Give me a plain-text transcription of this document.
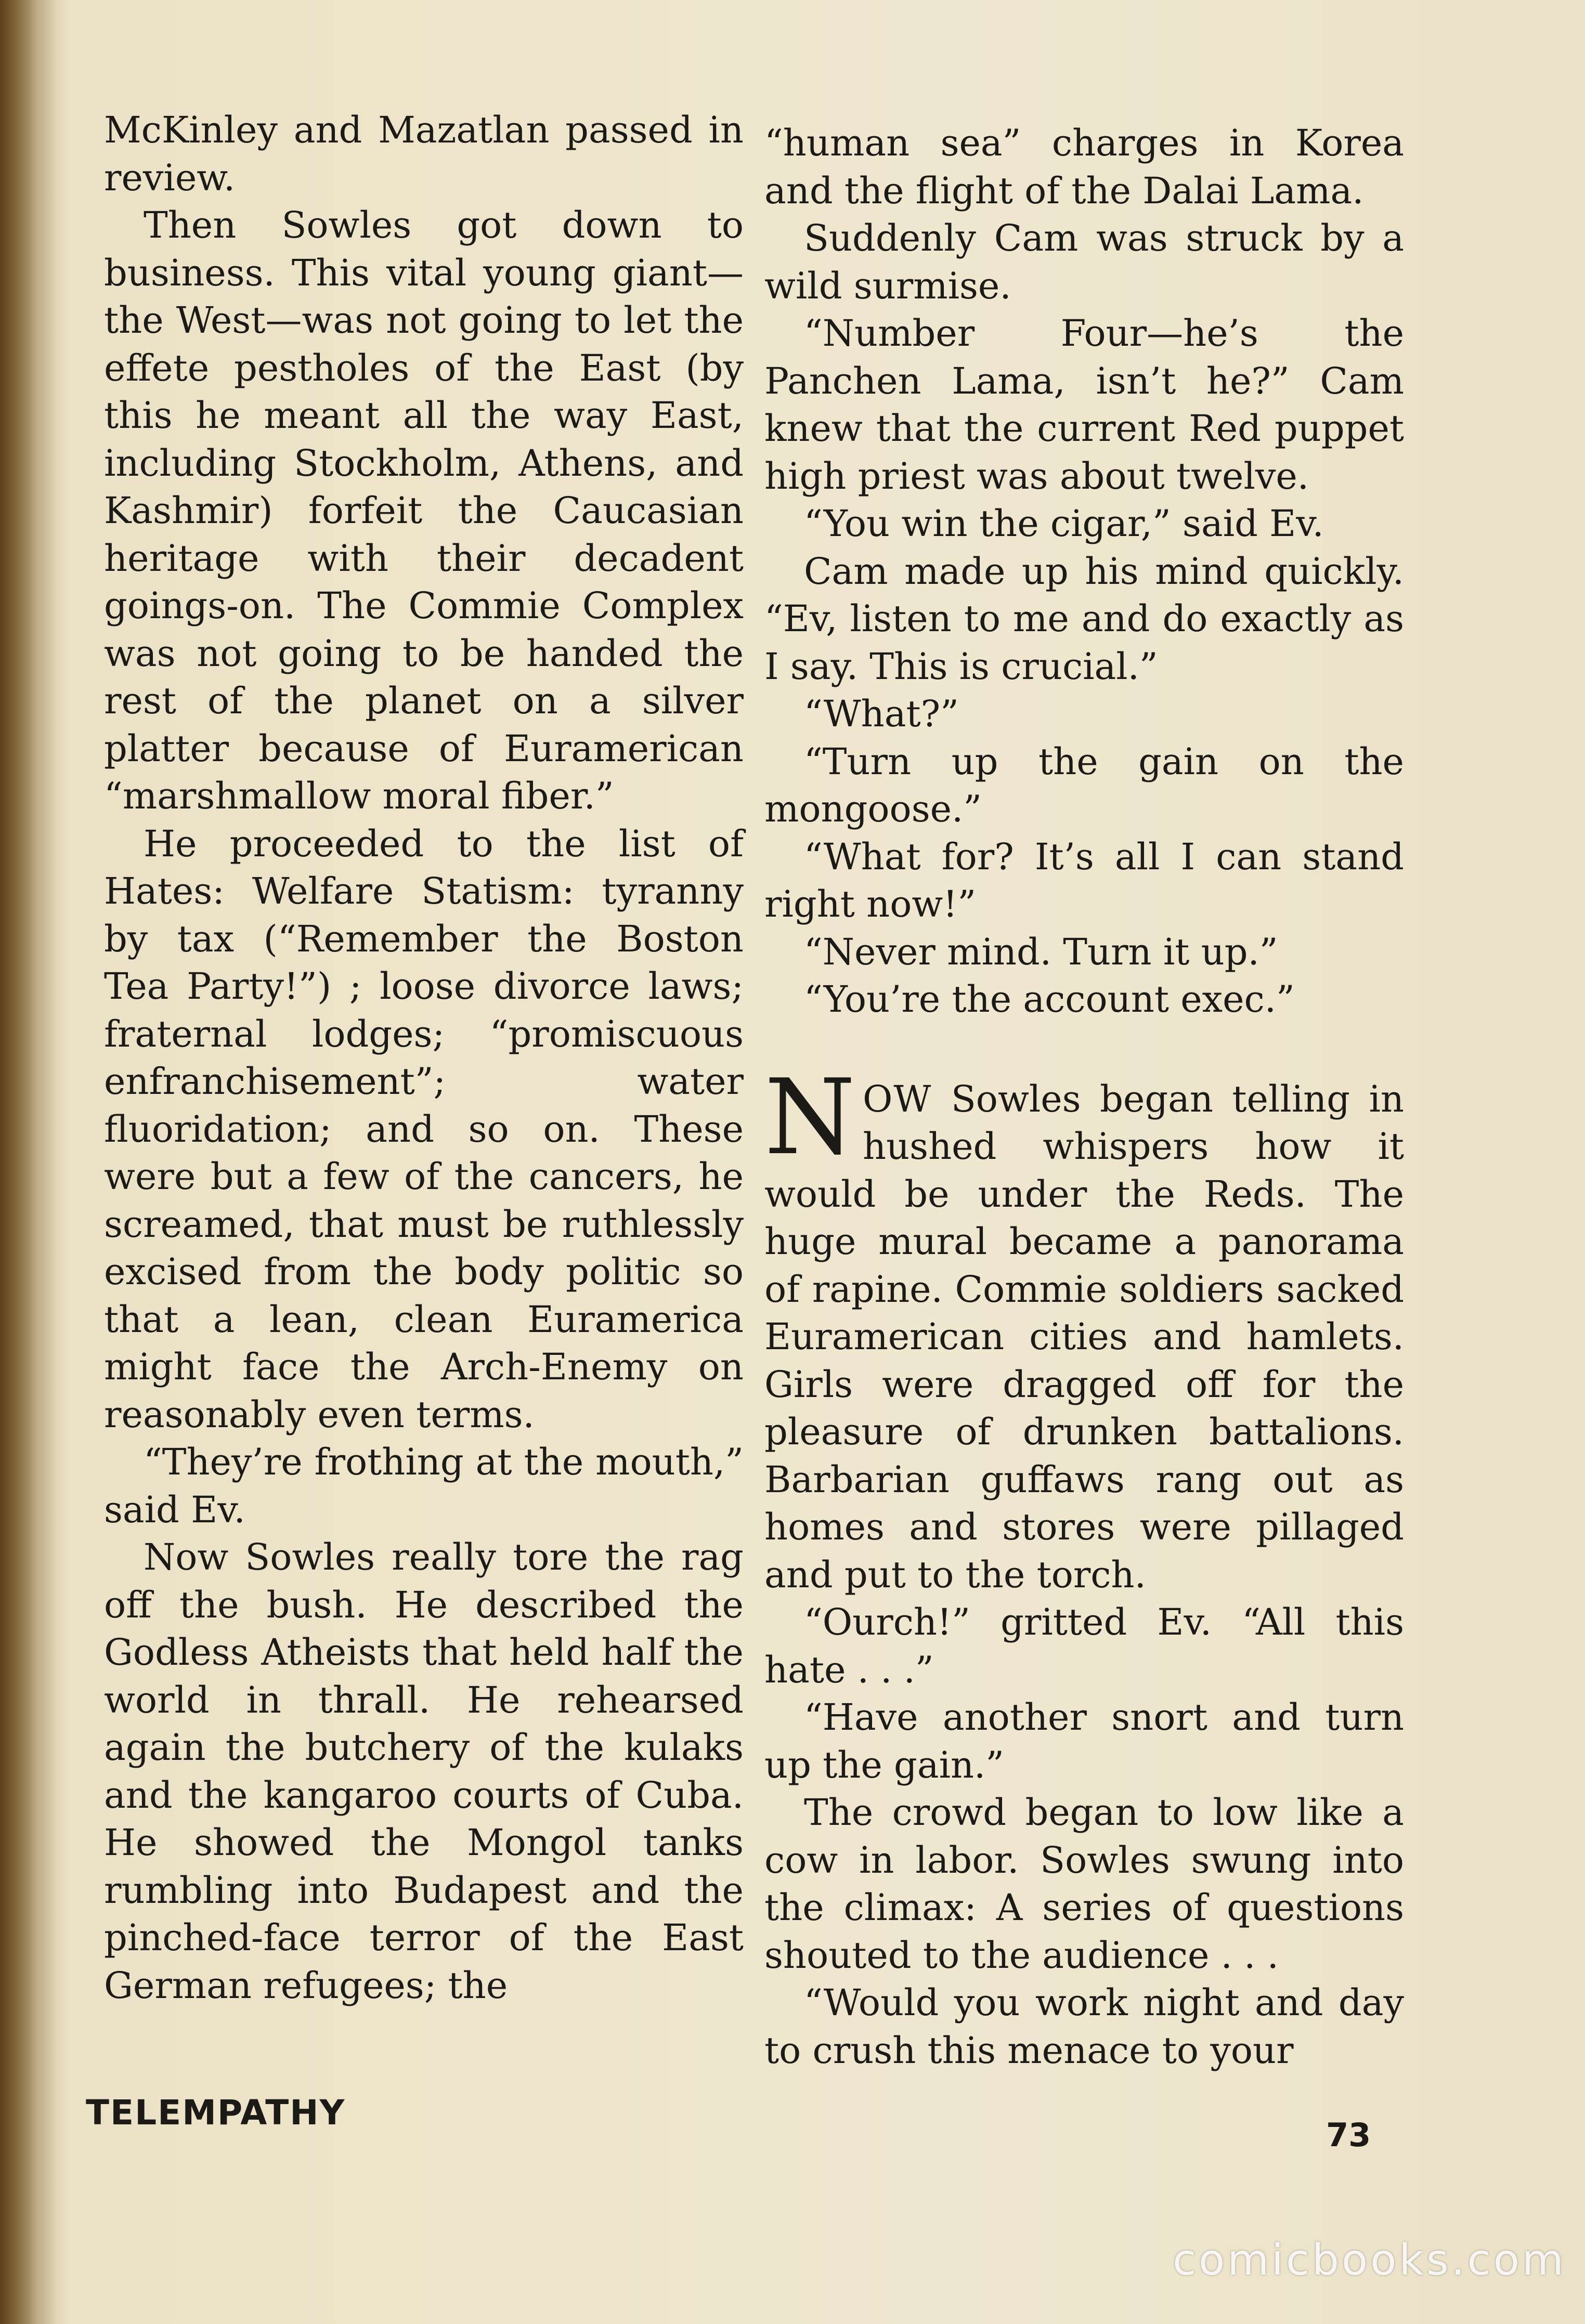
McKinley and Mazatlan passed in review.

Then Sowles got down to business. This vital young giant—the West—was not going to let the effete pestholes of the East (by this he meant all the way East, including Stockholm, Athens, and Kashmir) forfeit the Caucasian heritage with their decadent goings-on. The Commie Complex was not going to be handed the rest of the planet on a silver platter because of Euramerican “marshmallow moral fiber.”

He proceeded to the list of Hates: Welfare Statism: tyranny by tax (“Remember the Boston Tea Party!”) ; loose divorce laws; fraternal lodges; “promiscuous enfranchisement”; water fluoridation; and so on. These were but a few of the cancers, he screamed, that must be ruthlessly excised from the body politic so that a lean, clean Euramerica might face the Arch-Enemy on reasonably even terms.

“They’re frothing at the mouth,” said Ev.

Now Sowles really tore the rag off the bush. He described the Godless Atheists that held half the world in thrall. He rehearsed again the butchery of the kulaks and the kangaroo courts of Cuba. He showed the Mongol tanks rumbling into Budapest and the pinched-face terror of the East German refugees; the

“human sea” charges in Korea and the flight of the Dalai Lama.

Suddenly Cam was struck by a wild surmise.

“Number Four—he’s the Panchen Lama, isn’t he?” Cam knew that the current Red puppet high priest was about twelve.

“You win the cigar,” said Ev.

Cam made up his mind quickly. “Ev, listen to me and do exactly as I say. This is crucial.”

“What?”

“Turn up the gain on the mongoose.”

“What for? It’s all I can stand right now!”

“Never mind. Turn it up.”

“You’re the account exec.”

NOW Sowles began telling in hushed whispers how it would be under the Reds. The huge mural became a panorama of rapine. Commie soldiers sacked Euramerican cities and hamlets. Girls were dragged off for the pleasure of drunken battalions. Barbarian guffaws rang out as homes and stores were pillaged and put to the torch.

“Ourch!” gritted Ev. “All this hate . . .”

“Have another snort and turn up the gain.”

The crowd began to low like a cow in labor. Sowles swung into the climax: A series of questions shouted to the audience . . .

“Would you work night and day to crush this menace to your

TELEMPATHY
73
comicbooks.com
